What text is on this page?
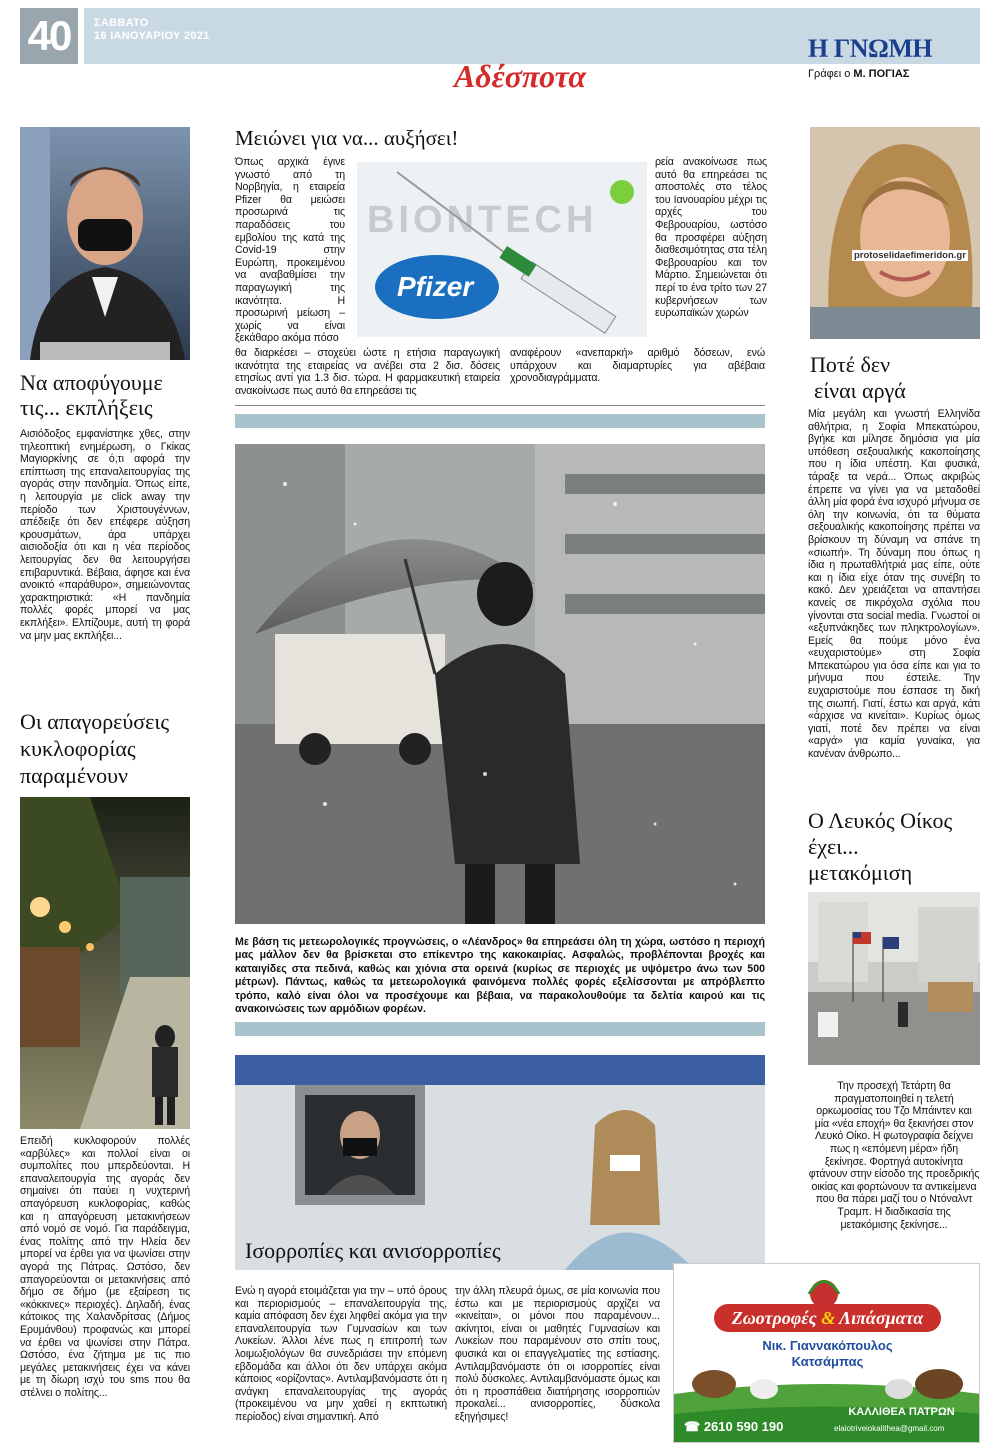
40	ΣΑΒΒΑΤΟ
16 ΙΑΝΟΥΑΡΙΟΥ 2021	Η ΓΝΩΜΗ
Γράφει ο Μ. ΠΟΓΙΑΣ
Αδέσποτα
Να αποφύγουμε
τις... εκπλήξεις
Αισιόδοξος εμφανίστηκε χθες, στην τηλεοπτική ενημέρωση, ο Γκίκας Μαγιορκίνης σε ό,τι αφορά την επίπτωση της επαναλειτουργίας της αγοράς στην πανδημία. Όπως είπε, η λειτουργία με click away την περίοδο των Χριστουγέννων, απέδειξε ότι δεν επέφερε αύξηση κρουσμάτων, άρα υπάρχει αισιοδοξία ότι και η νέα περίοδος λειτουργίας δεν θα λειτουργήσει επιβαρυντικά. Βέβαια, άφησε και ένα ανοικτό «παράθυρο», σημειώνοντας χαρακτηριστικά: «Η πανδημία πολλές φορές μπορεί να μας εκπλήξει». Ελπίζουμε, αυτή τη φορά να μην μας εκπλήξει...
Οι απαγορεύσεις
κυκλοφορίας
παραμένουν
Επειδή κυκλοφορούν πολλές «αρβύλες» και πολλοί είναι οι συμπολίτες που μπερδεύονται. Η επαναλειτουργία της αγοράς δεν σημαίνει ότι παύει η νυχτερινή απαγόρευση κυκλοφορίας, καθώς και η απαγόρευση μετακινήσεων από νομό σε νομό. Για παράδειγμα, ένας πολίτης από την Ηλεία δεν μπορεί να έρθει για να ψωνίσει στην αγορά της Πάτρας. Ωστόσο, δεν απαγορεύονται οι μετακινήσεις από δήμο σε δήμο (με εξαίρεση τις «κόκκινες» περιοχές). Δηλαδή, ένας κάτοικος της Χαλανδρίτσας (Δήμος Ερυμάνθου) προφανώς και μπορεί να έρθει να ψωνίσει στην Πάτρα. Ωστόσο, ένα ζήτημα με τις πιο μεγάλες μετακινήσεις έχει να κάνει με τη δίωρη ισχύ του sms που θα στέλνει ο πολίτης...
Μειώνει για να... αυξήσει!
Όπως αρχικά έγινε γνωστό από τη Νορβηγία, η εταιρεία Pfizer θα μειώσει προσωρινά τις παραδόσεις του εμβολίου της κατά της Covid-19 στην Ευρώπη, προκειμένου να αναβαθμίσει την παραγωγική της ικανότητα. Η προσωρινή μείωση – χωρίς να είναι ξεκάθαρο ακόμα πόσο
BIONTECH
Pfizer
ρεία ανακοίνωσε πως αυτό θα επηρεάσει τις αποστολές στο τέλος του Ιανουαρίου μέχρι τις αρχές του Φεβρουαρίου, ωστόσο θα προσφέρει αύξηση διαθεσιμότητας στα τέλη Φεβρουαρίου και τον Μάρτιο. Σημειώνεται ότι περί το ένα τρίτο των 27 κυβερνήσεων των ευρωπαϊκών χωρών
θα διαρκέσει – στοχεύει ώστε η ετήσια παραγωγική ικανότητα της εταιρείας να ανέβει στα 2 δισ. δόσεις ετησίως αντί για 1.3 δισ. τώρα. Η φαρμακευτική εταιρεία ανακοίνωσε πως αυτό θα επηρεάσει τις
αναφέρουν «ανεπαρκή» αριθμό δόσεων, ενώ υπάρχουν και διαμαρτυρίες για αβέβαια χρονοδιαγράμματα.
Με βάση τις μετεωρολογικές προγνώσεις, ο «Λέανδρος» θα επηρεάσει όλη τη χώρα, ωστόσο η περιοχή μας μάλλον δεν θα βρίσκεται στο επίκεντρο της κακοκαιρίας. Ασφαλώς, προβλέπονται βροχές και καταιγίδες στα πεδινά, καθώς και χιόνια στα ορεινά (κυρίως σε περιοχές με υψόμετρο άνω των 500 μέτρων). Πάντως, καθώς τα μετεωρολογικά φαινόμενα πολλές φορές εξελίσσονται με απρόβλεπτο τρόπο, καλό είναι όλοι να προσέχουμε και βέβαια, να παρακολουθούμε τα δελτία καιρού και τις ανακοινώσεις των αρμόδιων φορέων.
Ισορροπίες και ανισορροπίες
Ενώ η αγορά ετοιμάζεται για την – υπό όρους και περιορισμούς – επαναλειτουργία της, καμία απόφαση δεν έχει ληφθεί ακόμα για την επαναλειτουργία των Γυμνασίων και των Λυκείων. Άλλοι λένε πως η επιτροπή των λοιμωξιολόγων θα συνεδριάσει την επόμενη εβδομάδα και άλλοι ότι δεν υπάρχει ακόμα κάποιος «ορίζοντας». Αντιλαμβανόμαστε ότι η ανάγκη επαναλειτουργίας της αγοράς (προκειμένου να μην χαθεί η εκπτωτική περίοδος) είναι σημαντική. Από
την άλλη πλευρά όμως, σε μία κοινωνία που έστω και με περιορισμούς αρχίζει να «κινείται», οι μόνοι που παραμένουν... ακίνητοι, είναι οι μαθητές Γυμνασίων και Λυκείων που παραμένουν στο σπίτι τους, φυσικά και οι επαγγελματίες της εστίασης. Αντιλαμβανόμαστε ότι οι ισορροπίες είναι πολύ δύσκολες. Αντιλαμβανόμαστε όμως και ότι η προσπάθεια διατήρησης ισορροπιών προκαλεί... ανισορροπίες, δύσκολα εξηγήσιμες!
protoselidaefimeridon.gr
Ποτέ δεν
είναι αργά
Μία μεγάλη και γνωστή Ελληνίδα αθλήτρια, η Σοφία Μπεκατώρου, βγήκε και μίλησε δημόσια για μία υπόθεση σεξουαλικής κακοποίησης που η ίδια υπέστη. Και φυσικά, τάραξε τα νερά... Όπως ακριβώς έπρεπε να γίνει για να μεταδοθεί άλλη μία φορά ένα ισχυρό μήνυμα σε όλη την κοινωνία, ότι τα θύματα σεξουαλικής κακοποίησης πρέπει να βρίσκουν τη δύναμη να σπάνε τη «σιωπή». Τη δύναμη που όπως η ίδια η πρωταθλήτριά μας είπε, ούτε και η ίδια είχε όταν της συνέβη το κακό. Δεν χρειάζεται να απαντήσει κανείς σε πικρόχολα σχόλια που γίνονται στα social media. Γνωστοί οι «εξυπνάκηδες των πληκτρολογίων». Εμείς θα πούμε μόνο ένα «ευχαριστούμε» στη Σοφία Μπεκατώρου για όσα είπε και για το μήνυμα που έστειλε. Την ευχαριστούμε που έσπασε τη δική της σιωπή. Γιατί, έστω και αργά, κάτι «άρχισε να κινείται». Κυρίως όμως γιατί, ποτέ δεν πρέπει να είναι «αργά» για καμία γυναίκα, για κανέναν άνθρωπο...
Ο Λευκός Οίκος
έχει...
μετακόμιση
Την προσεχή Τετάρτη θα πραγματοποιηθεί η τελετή ορκωμοσίας του Τζο Μπάιντεν και μία «νέα εποχή» θα ξεκινήσει στον Λευκό Οίκο. Η φωτογραφία δείχνει πως η «επόμενη μέρα» ήδη ξεκίνησε. Φορτηγά αυτοκίνητα φτάνουν στην είσοδο της προεδρικής οικίας και φορτώνουν τα αντικείμενα που θα πάρει μαζί του ο Ντόναλντ Τραμπ. Η διαδικασία της μετακόμισης ξεκίνησε...
Ζωοτροφές & Λιπάσματα
Νικ. Γιαννακόπουλος
Κατσάμπας
ΚΑΛΛΙΘΕΑ ΠΑΤΡΩΝ
☎ 2610 590 190	elaiotriveiokalithea@gmail.com
